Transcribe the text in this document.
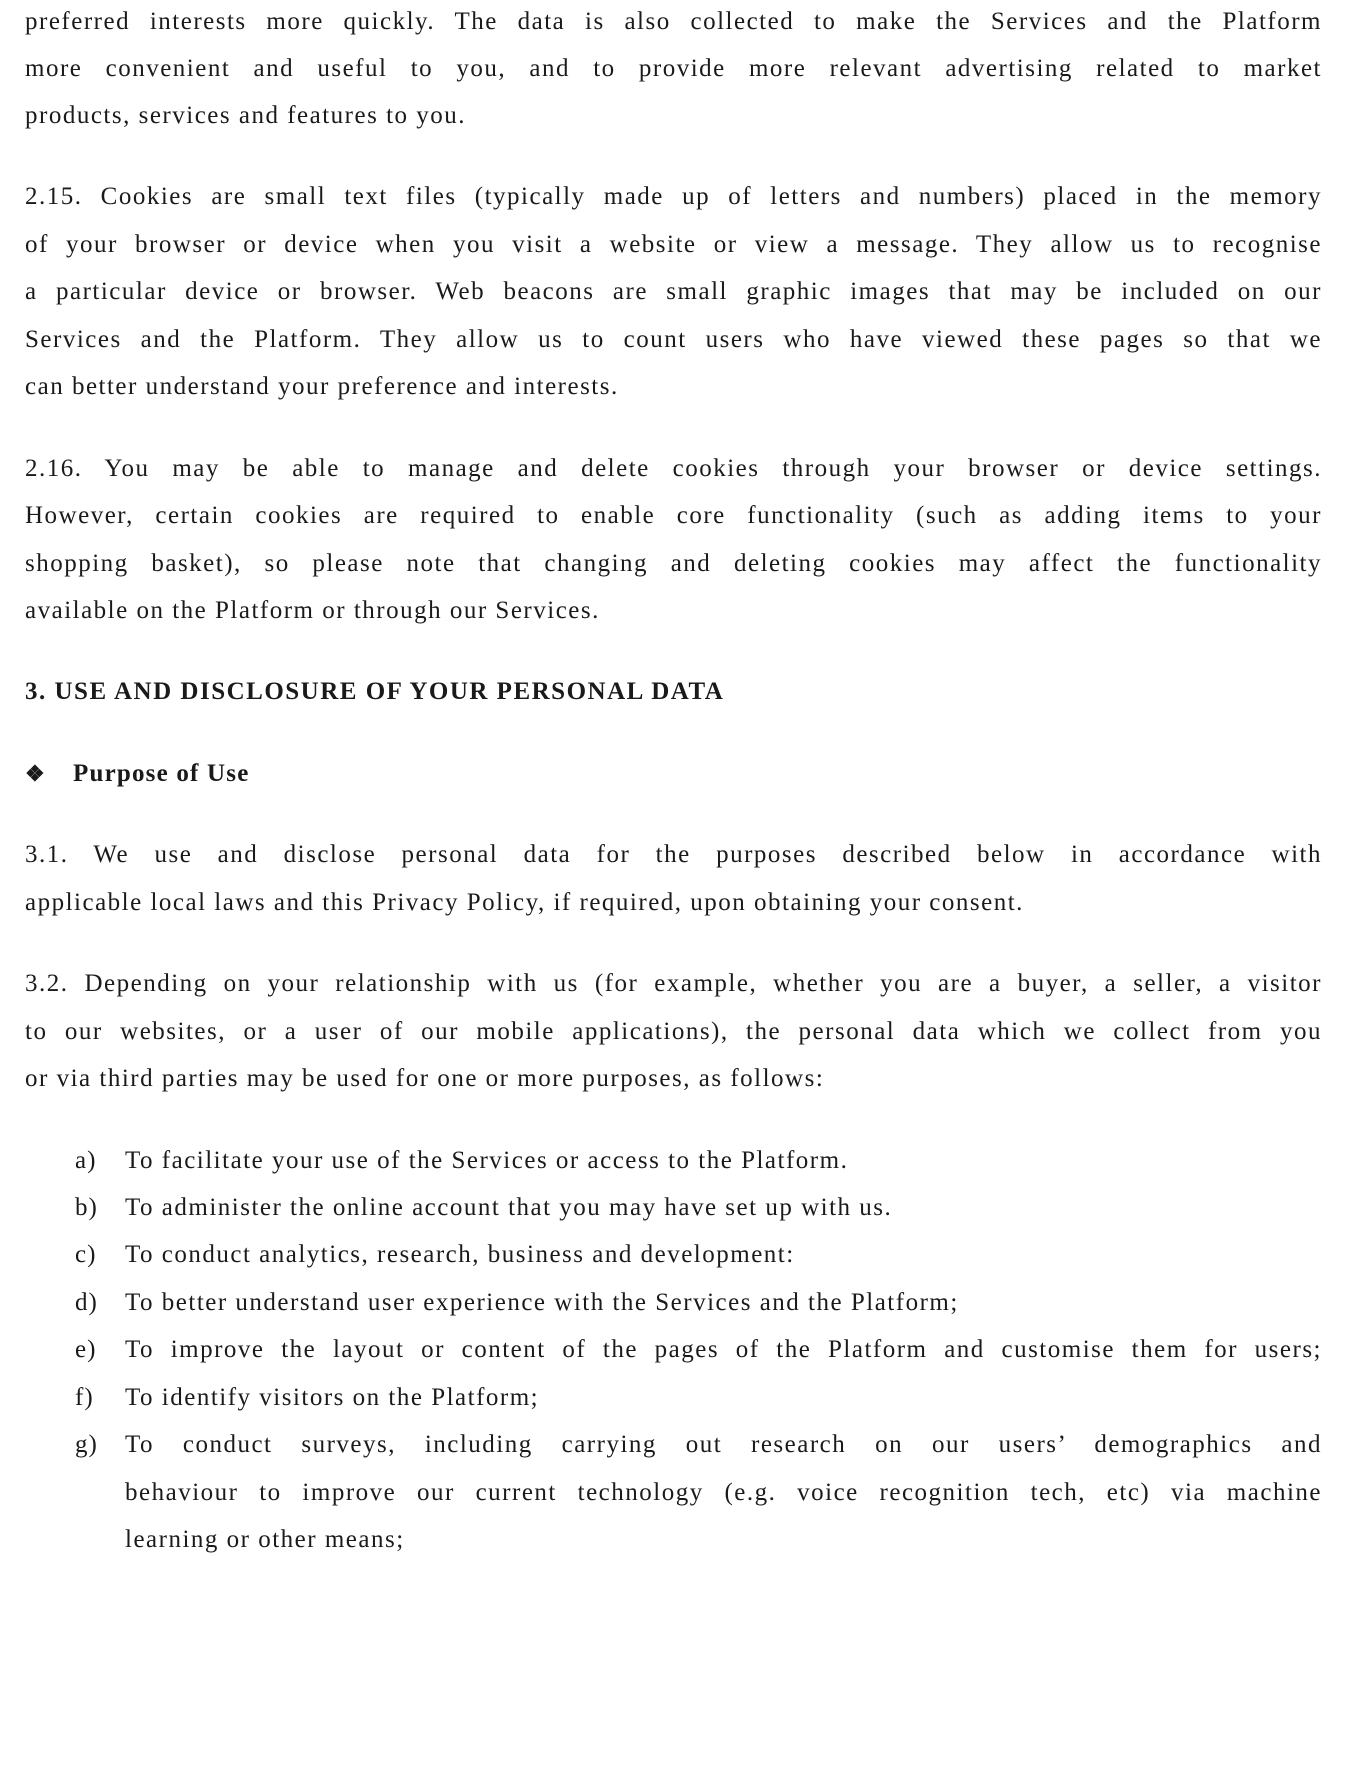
preferred interests more quickly. The data is also collected to make the Services and the Platform
more convenient and useful to you, and to provide more relevant advertising related to market
products, services and features to you.
2.15. Cookies are small text files (typically made up of letters and numbers) placed in the memory
of your browser or device when you visit a website or view a message. They allow us to recognise
a particular device or browser. Web beacons are small graphic images that may be included on our
Services and the Platform. They allow us to count users who have viewed these pages so that we
can better understand your preference and interests.
2.16. You may be able to manage and delete cookies through your browser or device settings.
However, certain cookies are required to enable core functionality (such as adding items to your
shopping basket), so please note that changing and deleting cookies may affect the functionality
available on the Platform or through our Services.
3. USE AND DISCLOSURE OF YOUR PERSONAL DATA
❖ Purpose of Use
3.1. We use and disclose personal data for the purposes described below in accordance with
applicable local laws and this Privacy Policy, if required, upon obtaining your consent.
3.2. Depending on your relationship with us (for example, whether you are a buyer, a seller, a visitor
to our websites, or a user of our mobile applications), the personal data which we collect from you
or via third parties may be used for one or more purposes, as follows:
a) To facilitate your use of the Services or access to the Platform.
b) To administer the online account that you may have set up with us.
c) To conduct analytics, research, business and development:
d) To better understand user experience with the Services and the Platform;
e) To improve the layout or content of the pages of the Platform and customise them for users;
f) To identify visitors on the Platform;
g) To conduct surveys, including carrying out research on our users’ demographics and
behaviour to improve our current technology (e.g. voice recognition tech, etc) via machine
learning or other means;
